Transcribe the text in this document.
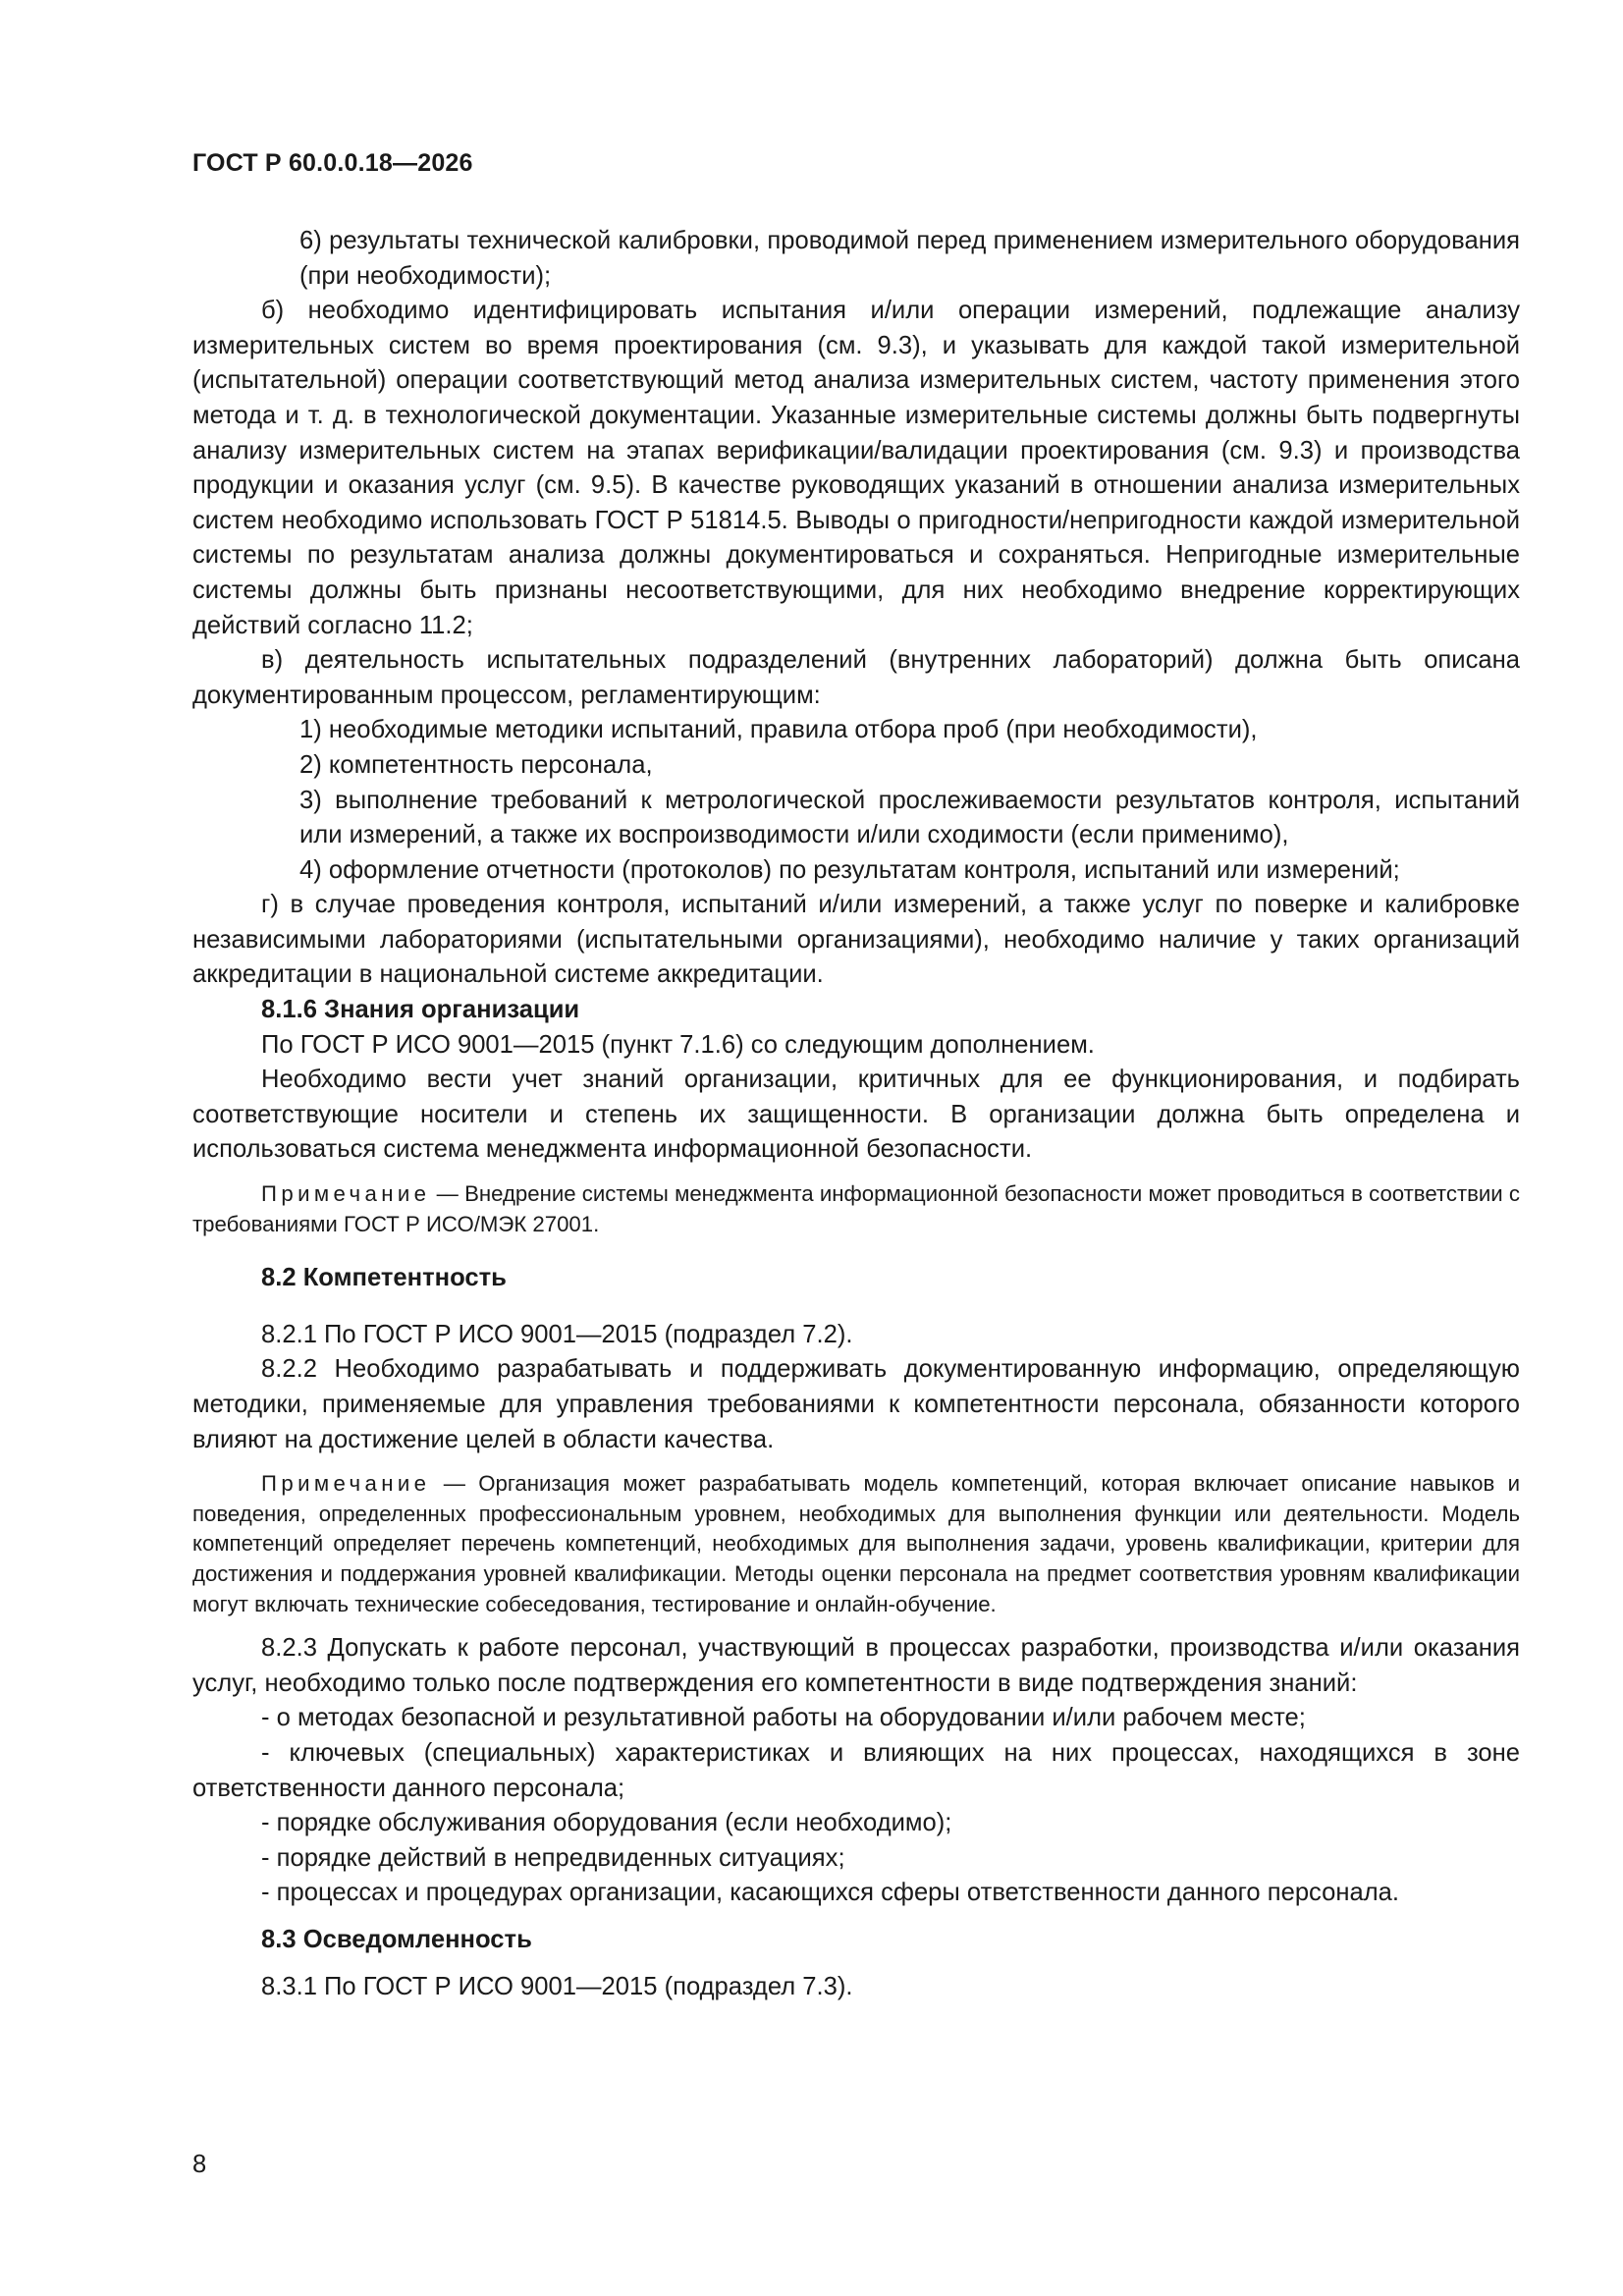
ГОСТ Р 60.0.0.18—2026

6) результаты технической калибровки, проводимой перед применением измерительного оборудования (при необходимости);

б) необходимо идентифицировать испытания и/или операции измерений, подлежащие анализу измерительных систем во время проектирования (см. 9.3), и указывать для каждой такой измерительной (испытательной) операции соответствующий метод анализа измерительных систем, частоту применения этого метода и т. д. в технологической документации. Указанные измерительные системы должны быть подвергнуты анализу измерительных систем на этапах верификации/валидации проектирования (см. 9.3) и производства продукции и оказания услуг (см. 9.5). В качестве руководящих указаний в отношении анализа измерительных систем необходимо использовать ГОСТ Р 51814.5. Выводы о пригодности/непригодности каждой измерительной системы по результатам анализа должны документироваться и сохраняться. Непригодные измерительные системы должны быть признаны несоответствующими, для них необходимо внедрение корректирующих действий согласно 11.2;

в) деятельность испытательных подразделений (внутренних лабораторий) должна быть описана документированным процессом, регламентирующим:

1) необходимые методики испытаний, правила отбора проб (при необходимости),

2) компетентность персонала,

3) выполнение требований к метрологической прослеживаемости результатов контроля, испытаний или измерений, а также их воспроизводимости и/или сходимости (если применимо),

4) оформление отчетности (протоколов) по результатам контроля, испытаний или измерений;

г) в случае проведения контроля, испытаний и/или измерений, а также услуг по поверке и калибровке независимыми лабораториями (испытательными организациями), необходимо наличие у таких организаций аккредитации в национальной системе аккредитации.

8.1.6 Знания организации

По ГОСТ Р ИСО 9001—2015 (пункт 7.1.6) со следующим дополнением.

Необходимо вести учет знаний организации, критичных для ее функционирования, и подбирать соответствующие носители и степень их защищенности. В организации должна быть определена и использоваться система менеджмента информационной безопасности.

Примечание — Внедрение системы менеджмента информационной безопасности может проводиться в соответствии с требованиями ГОСТ Р ИСО/МЭК 27001.

8.2 Компетентность

8.2.1 По ГОСТ Р ИСО 9001—2015 (подраздел 7.2).

8.2.2 Необходимо разрабатывать и поддерживать документированную информацию, определяющую методики, применяемые для управления требованиями к компетентности персонала, обязанности которого влияют на достижение целей в области качества.

Примечание — Организация может разрабатывать модель компетенций, которая включает описание навыков и поведения, определенных профессиональным уровнем, необходимых для выполнения функции или деятельности. Модель компетенций определяет перечень компетенций, необходимых для выполнения задачи, уровень квалификации, критерии для достижения и поддержания уровней квалификации. Методы оценки персонала на предмет соответствия уровням квалификации могут включать технические собеседования, тестирование и онлайн-обучение.

8.2.3 Допускать к работе персонал, участвующий в процессах разработки, производства и/или оказания услуг, необходимо только после подтверждения его компетентности в виде подтверждения знаний:

- о методах безопасной и результативной работы на оборудовании и/или рабочем месте;

- ключевых (специальных) характеристиках и влияющих на них процессах, находящихся в зоне ответственности данного персонала;

- порядке обслуживания оборудования (если необходимо);

- порядке действий в непредвиденных ситуациях;

- процессах и процедурах организации, касающихся сферы ответственности данного персонала.

8.3 Осведомленность

8.3.1 По ГОСТ Р ИСО 9001—2015 (подраздел 7.3).

8
